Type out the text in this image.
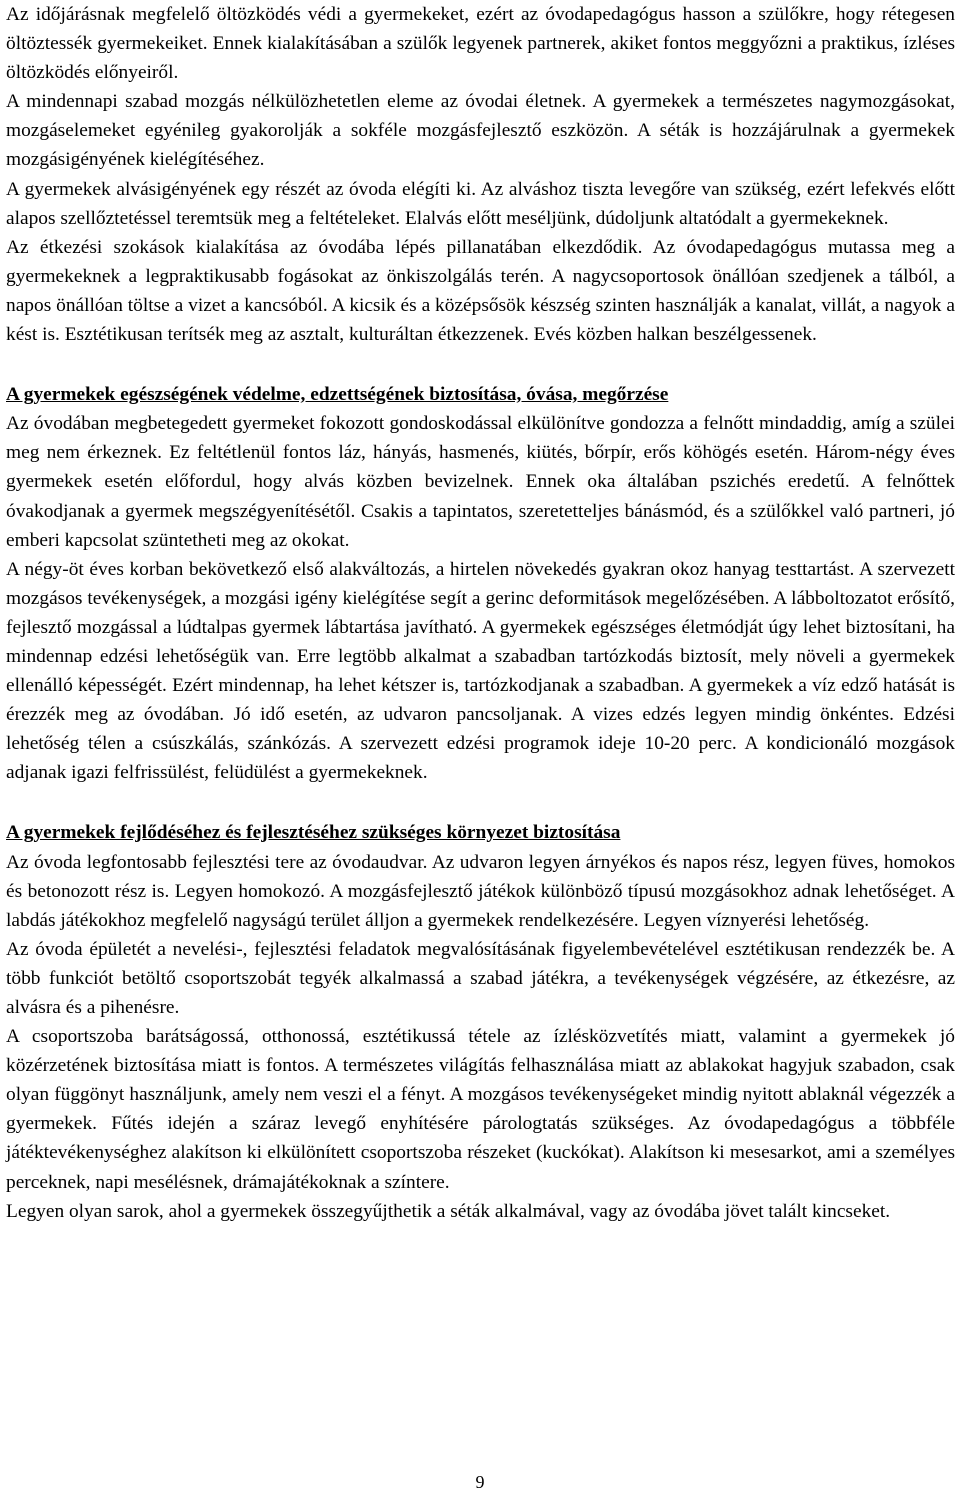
Az időjárásnak megfelelő öltözködés védi a gyermekeket, ezért az óvodapedagógus hasson a szülőkre, hogy rétegesen öltöztessék gyermekeiket. Ennek kialakításában a szülők legyenek partnerek, akiket fontos meggyőzni a praktikus, ízléses öltözködés előnyeiről.

A mindennapi szabad mozgás nélkülözhetetlen eleme az óvodai életnek. A gyermekek a természetes nagymozgásokat, mozgáselemeket egyénileg gyakorolják a sokféle mozgásfejlesztő eszközön. A séták is hozzájárulnak a gyermekek mozgásigényének kielégítéséhez.

A gyermekek alvásigényének egy részét az óvoda elégíti ki. Az alváshoz tiszta levegőre van szükség, ezért lefekvés előtt alapos szellőztetéssel teremtsük meg a feltételeket. Elalvás előtt meséljünk, dúdoljunk altatódalt a gyermekeknek.

Az étkezési szokások kialakítása az óvodába lépés pillanatában elkezdődik. Az óvodapedagógus mutassa meg a gyermekeknek a legpraktikusabb fogásokat az önkiszolgálás terén. A nagycsoportosok önállóan szedjenek a tálból, a napos önállóan töltse a vizet a kancsóból. A kicsik és a középsősök készség szinten használják a kanalat, villát, a nagyok a kést is. Esztétikusan terítsék meg az asztalt, kulturáltan étkezzenek. Evés közben halkan beszélgessenek.

A gyermekek egészségének védelme, edzettségének biztosítása, óvása, megőrzése

Az óvodában megbetegedett gyermeket fokozott gondoskodással elkülönítve gondozza a felnőtt mindaddig, amíg a szülei meg nem érkeznek. Ez feltétlenül fontos láz, hányás, hasmenés, kiütés, bőrpír, erős köhögés esetén. Három-négy éves gyermekek esetén előfordul, hogy alvás közben bevizelnek. Ennek oka általában pszichés eredetű. A felnőttek óvakodjanak a gyermek megszégyenítésétől. Csakis a tapintatos, szeretetteljes bánásmód, és a szülőkkel való partneri, jó emberi kapcsolat szüntetheti meg az okokat.

A négy-öt éves korban bekövetkező első alakváltozás, a hirtelen növekedés gyakran okoz hanyag testtartást. A szervezett mozgásos tevékenységek, a mozgási igény kielégítése segít a gerinc deformitások megelőzésében. A lábboltozatot erősítő, fejlesztő mozgással a lúdtalpas gyermek lábtartása javítható. A gyermekek egészséges életmódját úgy lehet biztosítani, ha mindennap edzési lehetőségük van. Erre legtöbb alkalmat a szabadban tartózkodás biztosít, mely növeli a gyermekek ellenálló képességét. Ezért mindennap, ha lehet kétszer is, tartózkodjanak a szabadban. A gyermekek a víz edző hatását is érezzék meg az óvodában. Jó idő esetén, az udvaron pancsoljanak. A vizes edzés legyen mindig önkéntes. Edzési lehetőség télen a csúszkálás, szánkózás. A szervezett edzési programok ideje 10-20 perc. A kondicionáló mozgások adjanak igazi felfrissülést, felüdülést a gyermekeknek.

A gyermekek fejlődéséhez és fejlesztéséhez szükséges környezet biztosítása

Az óvoda legfontosabb fejlesztési tere az óvodaudvar. Az udvaron legyen árnyékos és napos rész, legyen füves, homokos és betonozott rész is. Legyen homokozó. A mozgásfejlesztő játékok különböző típusú mozgásokhoz adnak lehetőséget. A labdás játékokhoz megfelelő nagyságú terület álljon a gyermekek rendelkezésére. Legyen víznyerési lehetőség.

Az óvoda épületét a nevelési-, fejlesztési feladatok megvalósításának figyelembevételével esztétikusan rendezzék be. A több funkciót betöltő csoportszobát tegyék alkalmassá a szabad játékra, a tevékenységek végzésére, az étkezésre, az alvásra és a pihenésre.

A csoportszoba barátságossá, otthonossá, esztétikussá tétele az ízlésközvetítés miatt, valamint a gyermekek jó közérzetének biztosítása miatt is fontos. A természetes világítás felhasználása miatt az ablakokat hagyjuk szabadon, csak olyan függönyt használjunk, amely nem veszi el a fényt. A mozgásos tevékenységeket mindig nyitott ablaknál végezzék a gyermekek. Fűtés idején a száraz levegő enyhítésére párologtatás szükséges. Az óvodapedagógus a többféle játéktevékenységhez alakítson ki elkülönített csoportszoba részeket (kuckókat). Alakítson ki mesesarkot, ami a személyes perceknek, napi mesélésnek, drámajátékoknak a színtere.

Legyen olyan sarok, ahol a gyermekek összegyűjthetik a séták alkalmával, vagy az óvodába jövet talált kincseket.

9
